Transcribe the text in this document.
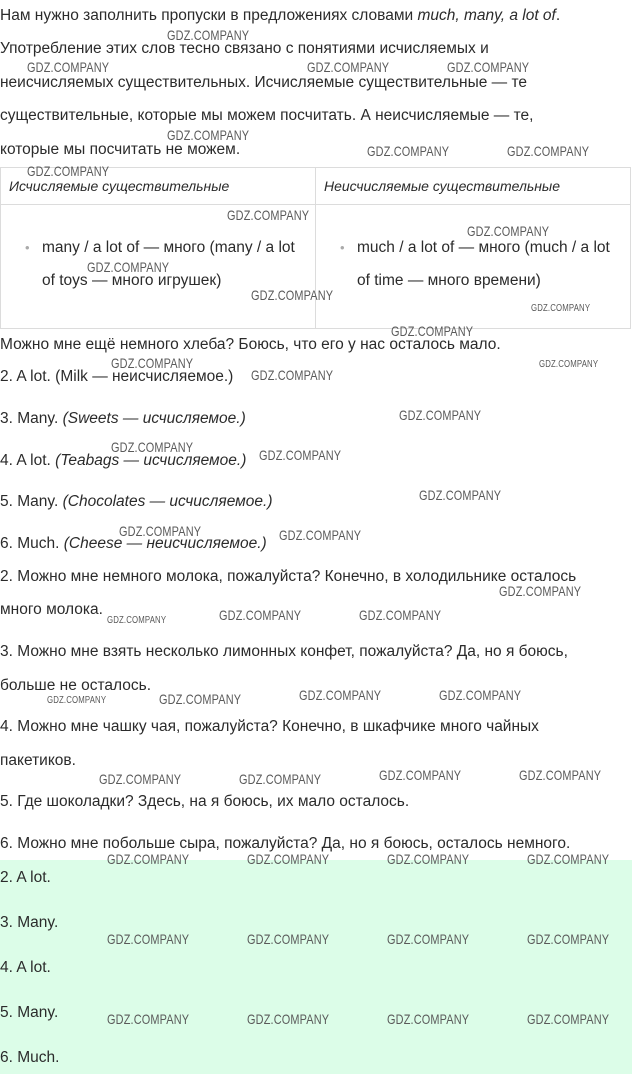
Нам нужно заполнить пропуски в предложениях словами much, many, a lot of.
Употребление этих слов тесно связано с понятиями исчисляемых и
неисчисляемых существительных. Исчисляемые существительные — те
существительные, которые мы можем посчитать. А неисчисляемые — те,
которые мы посчитать не можем.
Исчисляемые существительные	Неисчисляемые существительные

• many / a lot of — много (many / a lot of toys — много игрушек)	• much / a lot of — много (much / a lot of time — много времени)
Можно мне ещё немного хлеба? Боюсь, что его у нас осталось мало.
2. A lot. (Milk — неисчисляемое.)
3. Many. (Sweets — исчисляемое.)
4. A lot. (Teabags — исчисляемое.)
5. Many. (Chocolates — исчисляемое.)
6. Much. (Cheese — неисчисляемое.)
2. Можно мне немного молока, пожалуйста? Конечно, в холодильнике осталось
много молока.
3. Можно мне взять несколько лимонных конфет, пожалуйста? Да, но я боюсь,
больше не осталось.
4. Можно мне чашку чая, пожалуйста? Конечно, в шкафчике много чайных
пакетиков.
5. Где шоколадки? Здесь, на я боюсь, их мало осталось.
6. Можно мне побольше сыра, пожалуйста? Да, но я боюсь, осталось немного.
2. A lot.
3. Many.
4. A lot.
5. Many.
6. Much.
GDZ.COMPANY
GDZ.COMPANY	GDZ.COMPANY	GDZ.COMPANY
GDZ.COMPANY
GDZ.COMPANY	GDZ.COMPANY
GDZ.COMPANY
GDZ.COMPANY
GDZ.COMPANY
GDZ.COMPANY
GDZ.COMPANY
GDZ.COMPANY
GDZ.COMPANY
GDZ.COMPANY	GDZ.COMPANY
GDZ.COMPANY
GDZ.COMPANY
GDZ.COMPANY	GDZ.COMPANY
GDZ.COMPANY
GDZ.COMPANY	GDZ.COMPANY
GDZ.COMPANY
GDZ.COMPANY	GDZ.COMPANY	GDZ.COMPANY
GDZ.COMPANY	GDZ.COMPANY	GDZ.COMPANY	GDZ.COMPANY
GDZ.COMPANY	GDZ.COMPANY	GDZ.COMPANY	GDZ.COMPANY
GDZ.COMPANY	GDZ.COMPANY	GDZ.COMPANY	GDZ.COMPANY
GDZ.COMPANY	GDZ.COMPANY	GDZ.COMPANY	GDZ.COMPANY
GDZ.COMPANY	GDZ.COMPANY	GDZ.COMPANY	GDZ.COMPANY
